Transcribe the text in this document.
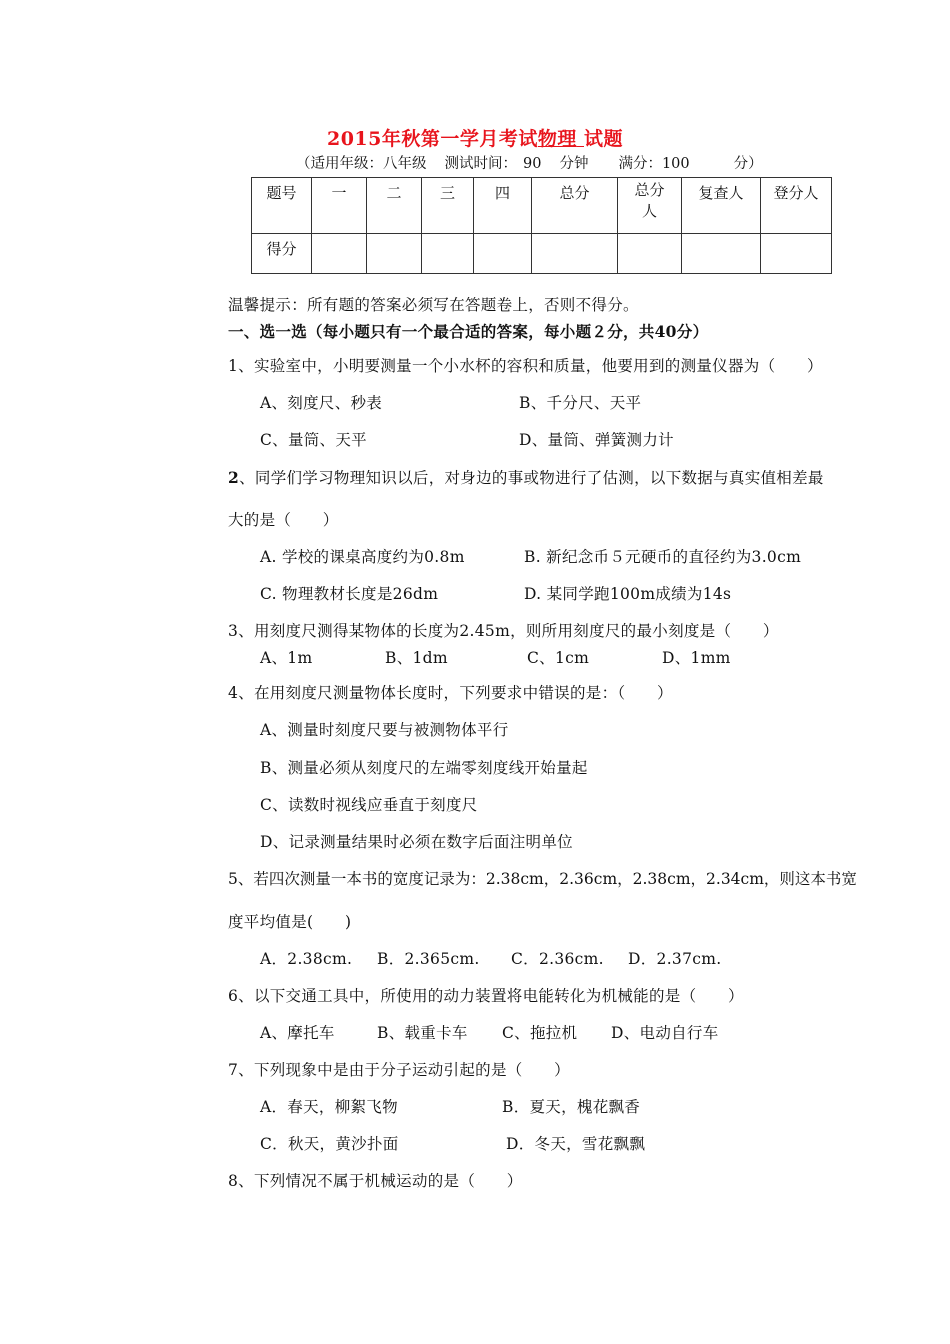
2015年秋第一学月考试物理 试题
（适用年级：八年级 测试时间： 90 分钟 满分：100	分）
题号	一	二	三	四	总分	总分人	复查人	登分人
得分								
温馨提示：所有题的答案必须写在答题卷上，否则不得分。
一、选一选（每小题只有一个最合适的答案，每小题２分，共40分）
1、实验室中，小明要测量一个小水杯的容积和质量，他要用到的测量仪器为（　　）
A、刻度尺、秒表	B、千分尺、天平
C、量筒、天平	D、量筒、弹簧测力计
2、同学们学习物理知识以后，对身边的事或物进行了估测，以下数据与真实值相差最
大的是（　　）
A. 学校的课桌高度约为0.8m	B. 新纪念币５元硬币的直径约为3.0cm
C. 物理教材长度是26dm	D. 某同学跑100m成绩为14s
3、用刻度尺测得某物体的长度为2.45m，则所用刻度尺的最小刻度是（　　）
A、1m	B、1dm	C、1cm	D、1mm
4、在用刻度尺测量物体长度时，下列要求中错误的是：（　　）
A、测量时刻度尺要与被测物体平行
B、测量必须从刻度尺的左端零刻度线开始量起
C、读数时视线应垂直于刻度尺
D、记录测量结果时必须在数字后面注明单位
5、若四次测量一本书的宽度记录为：2.38cm，2.36cm，2.38cm，2.34cm，则这本书宽
度平均值是(　　)
A．2.38cm. B．2.365cm. C．2.36cm. D．2.37cm.
6、以下交通工具中，所使用的动力装置将电能转化为机械能的是（　　）
A、摩托车	B、载重卡车 C、拖拉机 D、电动自行车
7、下列现象中是由于分子运动引起的是（　　）
A．春天，柳絮飞物	B．夏天，槐花飘香
C．秋天，黄沙扑面	D．冬天，雪花飘飘
8、下列情况不属于机械运动的是（　　）
